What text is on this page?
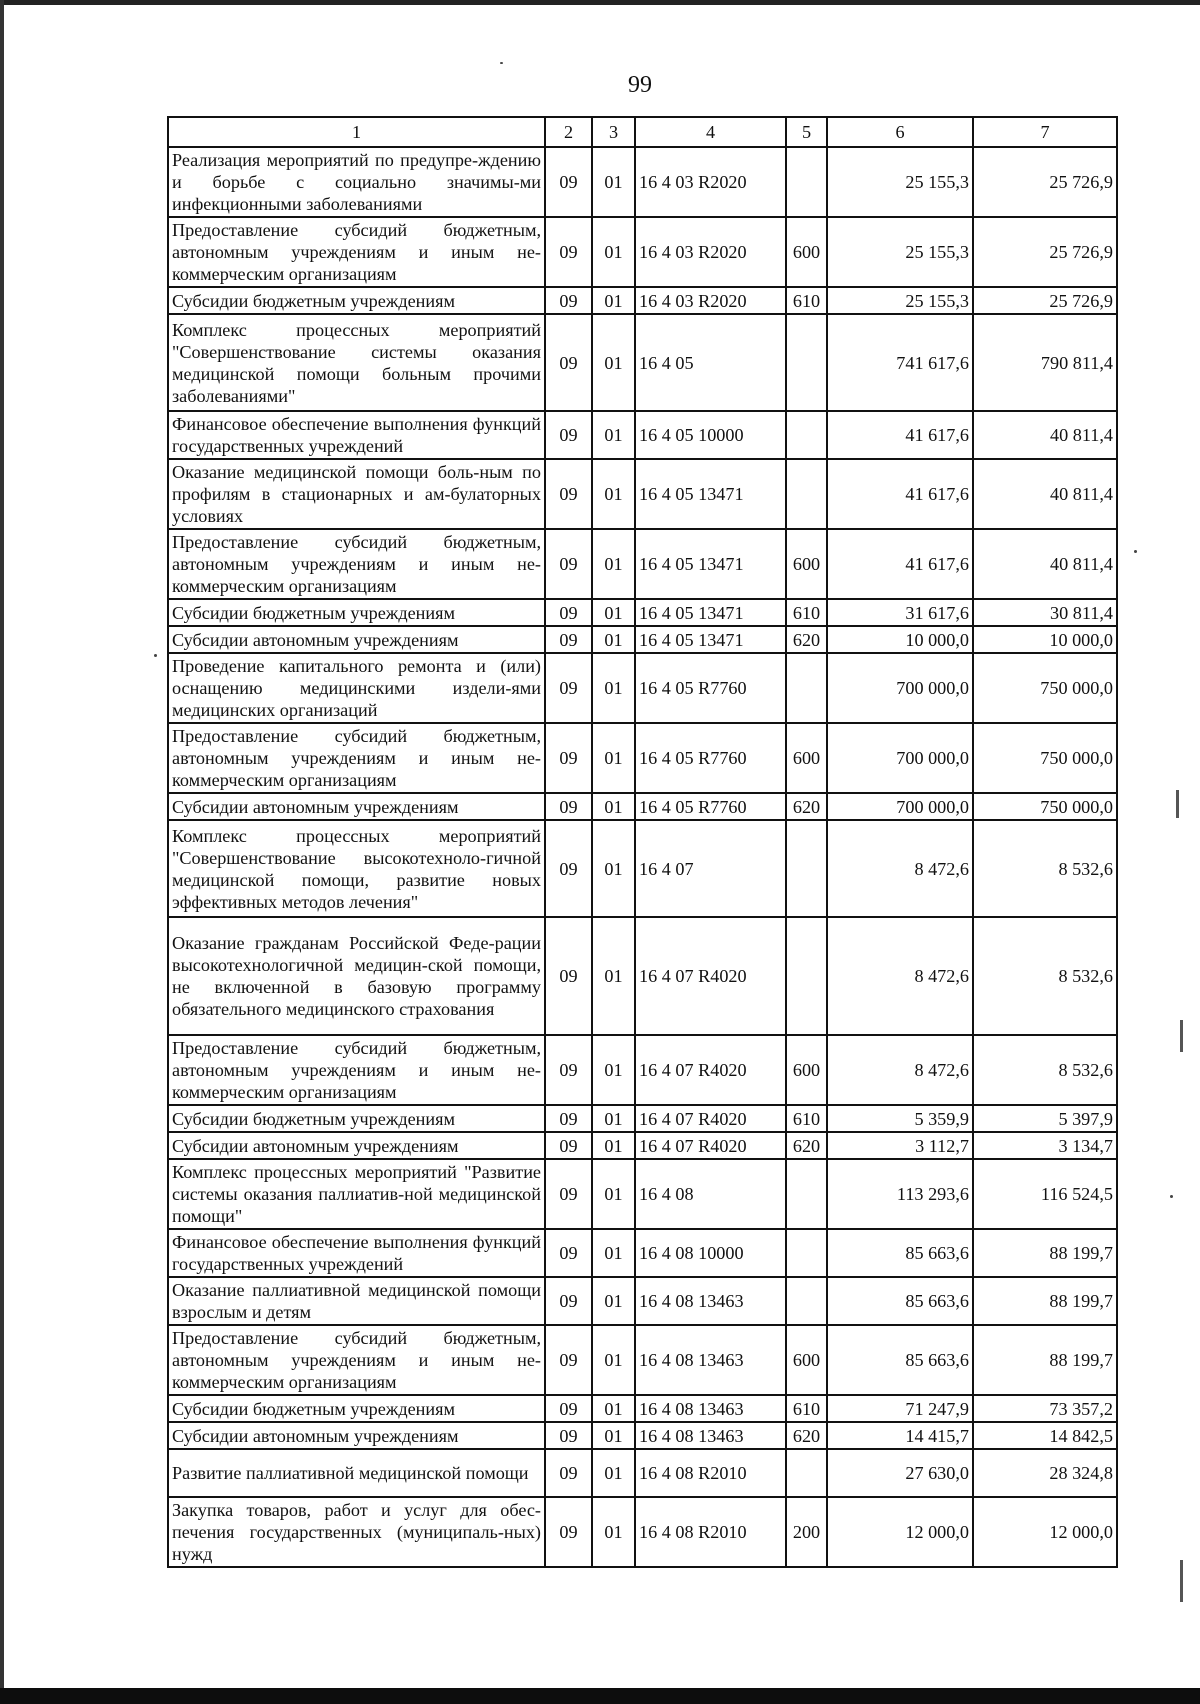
99
1	2	3	4	5	6	7
Реализация мероприятий по предупре-ждению и борьбе с социально значимы-ми инфекционными заболеваниями	09	01	16 4 03 R2020		25 155,3	25 726,9
Предоставление субсидий бюджетным, автономным учреждениям и иным не-коммерческим организациям	09	01	16 4 03 R2020	600	25 155,3	25 726,9
Субсидии бюджетным учреждениям	09	01	16 4 03 R2020	610	25 155,3	25 726,9
Комплекс процессных мероприятий "Совершенствование системы оказания медицинской помощи больным прочими заболеваниями"	09	01	16 4 05		741 617,6	790 811,4
Финансовое обеспечение выполнения функций государственных учреждений	09	01	16 4 05 10000		41 617,6	40 811,4
Оказание медицинской помощи боль-ным по профилям в стационарных и ам-булаторных условиях	09	01	16 4 05 13471		41 617,6	40 811,4
Предоставление субсидий бюджетным, автономным учреждениям и иным не-коммерческим организациям	09	01	16 4 05 13471	600	41 617,6	40 811,4
Субсидии бюджетным учреждениям	09	01	16 4 05 13471	610	31 617,6	30 811,4
Субсидии автономным учреждениям	09	01	16 4 05 13471	620	10 000,0	10 000,0
Проведение капитального ремонта и (или) оснащению медицинскими издели-ями медицинских организаций	09	01	16 4 05 R7760		700 000,0	750 000,0
Предоставление субсидий бюджетным, автономным учреждениям и иным не-коммерческим организациям	09	01	16 4 05 R7760	600	700 000,0	750 000,0
Субсидии автономным учреждениям	09	01	16 4 05 R7760	620	700 000,0	750 000,0
Комплекс процессных мероприятий "Совершенствование высокотехноло-гичной медицинской помощи, развитие новых эффективных методов лечения"	09	01	16 4 07		8 472,6	8 532,6
Оказание гражданам Российской Феде-рации высокотехнологичной медицин-ской помощи, не включенной в базовую программу обязательного медицинского страхования	09	01	16 4 07 R4020		8 472,6	8 532,6
Предоставление субсидий бюджетным, автономным учреждениям и иным не-коммерческим организациям	09	01	16 4 07 R4020	600	8 472,6	8 532,6
Субсидии бюджетным учреждениям	09	01	16 4 07 R4020	610	5 359,9	5 397,9
Субсидии автономным учреждениям	09	01	16 4 07 R4020	620	3 112,7	3 134,7
Комплекс процессных мероприятий "Развитие системы оказания паллиатив-ной медицинской помощи"	09	01	16 4 08		113 293,6	116 524,5
Финансовое обеспечение выполнения функций государственных учреждений	09	01	16 4 08 10000		85 663,6	88 199,7
Оказание паллиативной медицинской помощи взрослым и детям	09	01	16 4 08 13463		85 663,6	88 199,7
Предоставление субсидий бюджетным, автономным учреждениям и иным не-коммерческим организациям	09	01	16 4 08 13463	600	85 663,6	88 199,7
Субсидии бюджетным учреждениям	09	01	16 4 08 13463	610	71 247,9	73 357,2
Субсидии автономным учреждениям	09	01	16 4 08 13463	620	14 415,7	14 842,5
Развитие паллиативной медицинской помощи	09	01	16 4 08 R2010		27 630,0	28 324,8
Закупка товаров, работ и услуг для обес-печения государственных (муниципаль-ных) нужд	09	01	16 4 08 R2010	200	12 000,0	12 000,0
